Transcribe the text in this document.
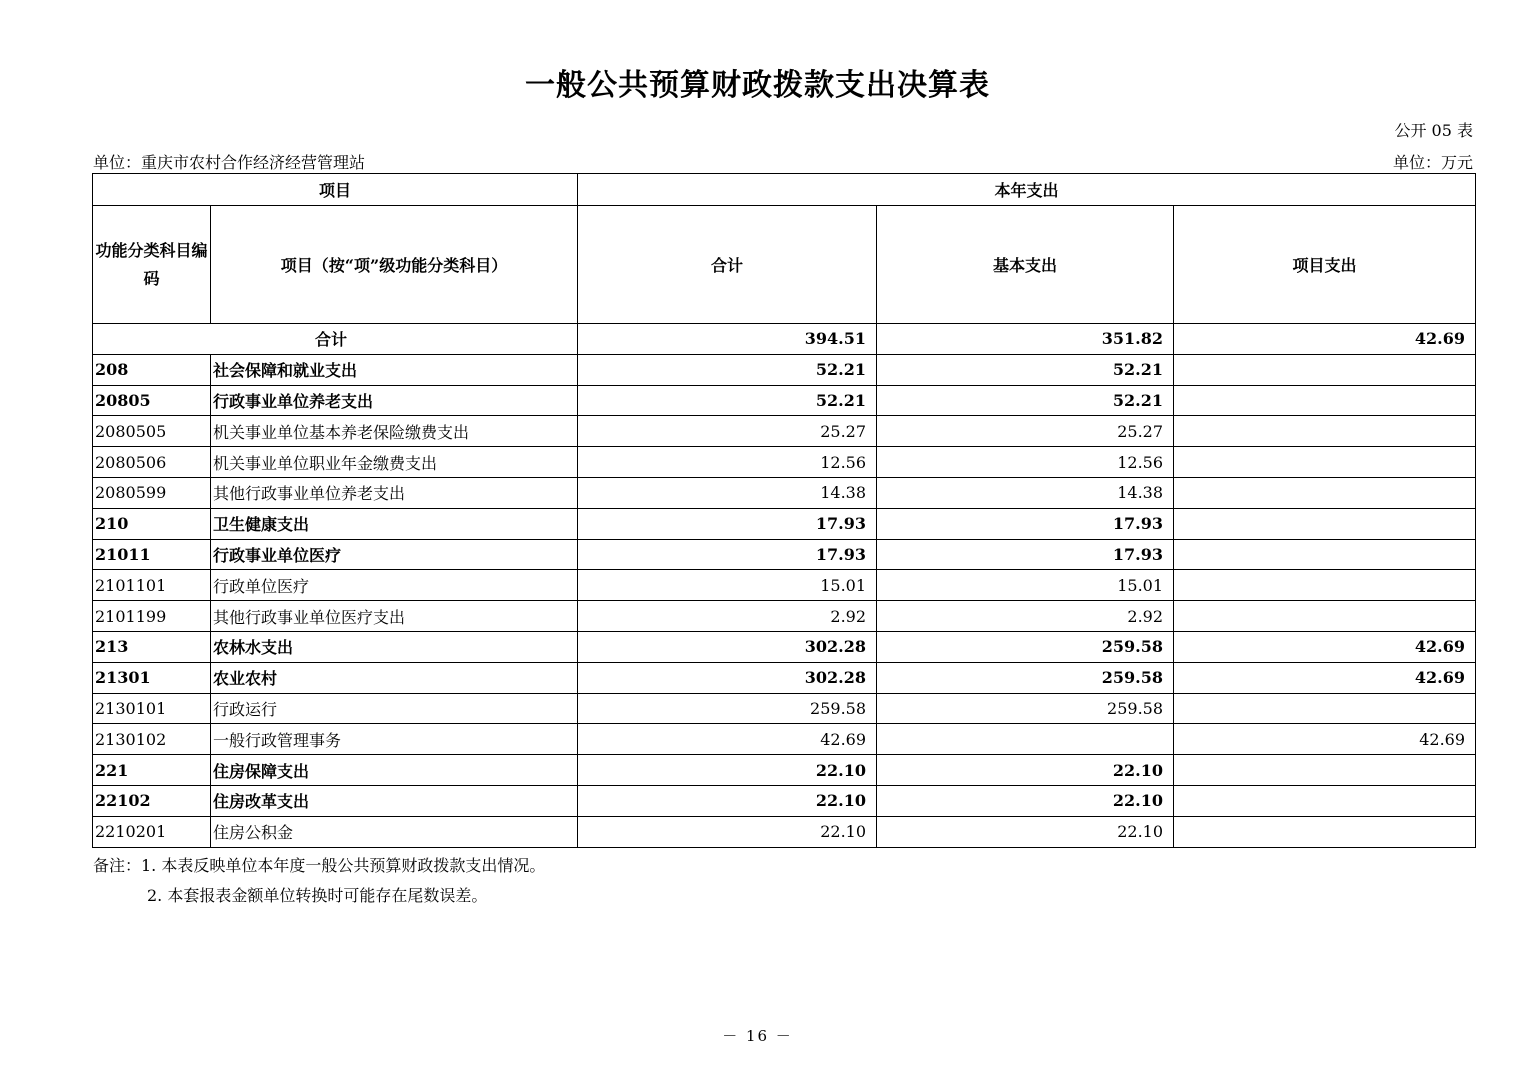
一般公共预算财政拨款支出决算表
公开 05 表
单位：重庆市农村合作经济经营管理站	单位：万元
项目		本年支出		
功能分类科目编码	项目（按“项”级功能分类科目）	合计	基本支出	项目支出
合计		394.51	351.82	42.69
208	社会保障和就业支出	52.21	52.21	
20805	行政事业单位养老支出	52.21	52.21	
2080505	机关事业单位基本养老保险缴费支出	25.27	25.27	
2080506	机关事业单位职业年金缴费支出	12.56	12.56	
2080599	其他行政事业单位养老支出	14.38	14.38	
210	卫生健康支出	17.93	17.93	
21011	行政事业单位医疗	17.93	17.93	
2101101	行政单位医疗	15.01	15.01	
2101199	其他行政事业单位医疗支出	2.92	2.92	
213	农林水支出	302.28	259.58	42.69
21301	农业农村	302.28	259.58	42.69
2130101	行政运行	259.58	259.58	
2130102	一般行政管理事务	42.69		42.69
221	住房保障支出	22.10	22.10	
22102	住房改革支出	22.10	22.10	
2210201	住房公积金	22.10	22.10	
备注：1. 本表反映单位本年度一般公共预算财政拨款支出情况。
2. 本套报表金额单位转换时可能存在尾数误差。
－ 16 －
